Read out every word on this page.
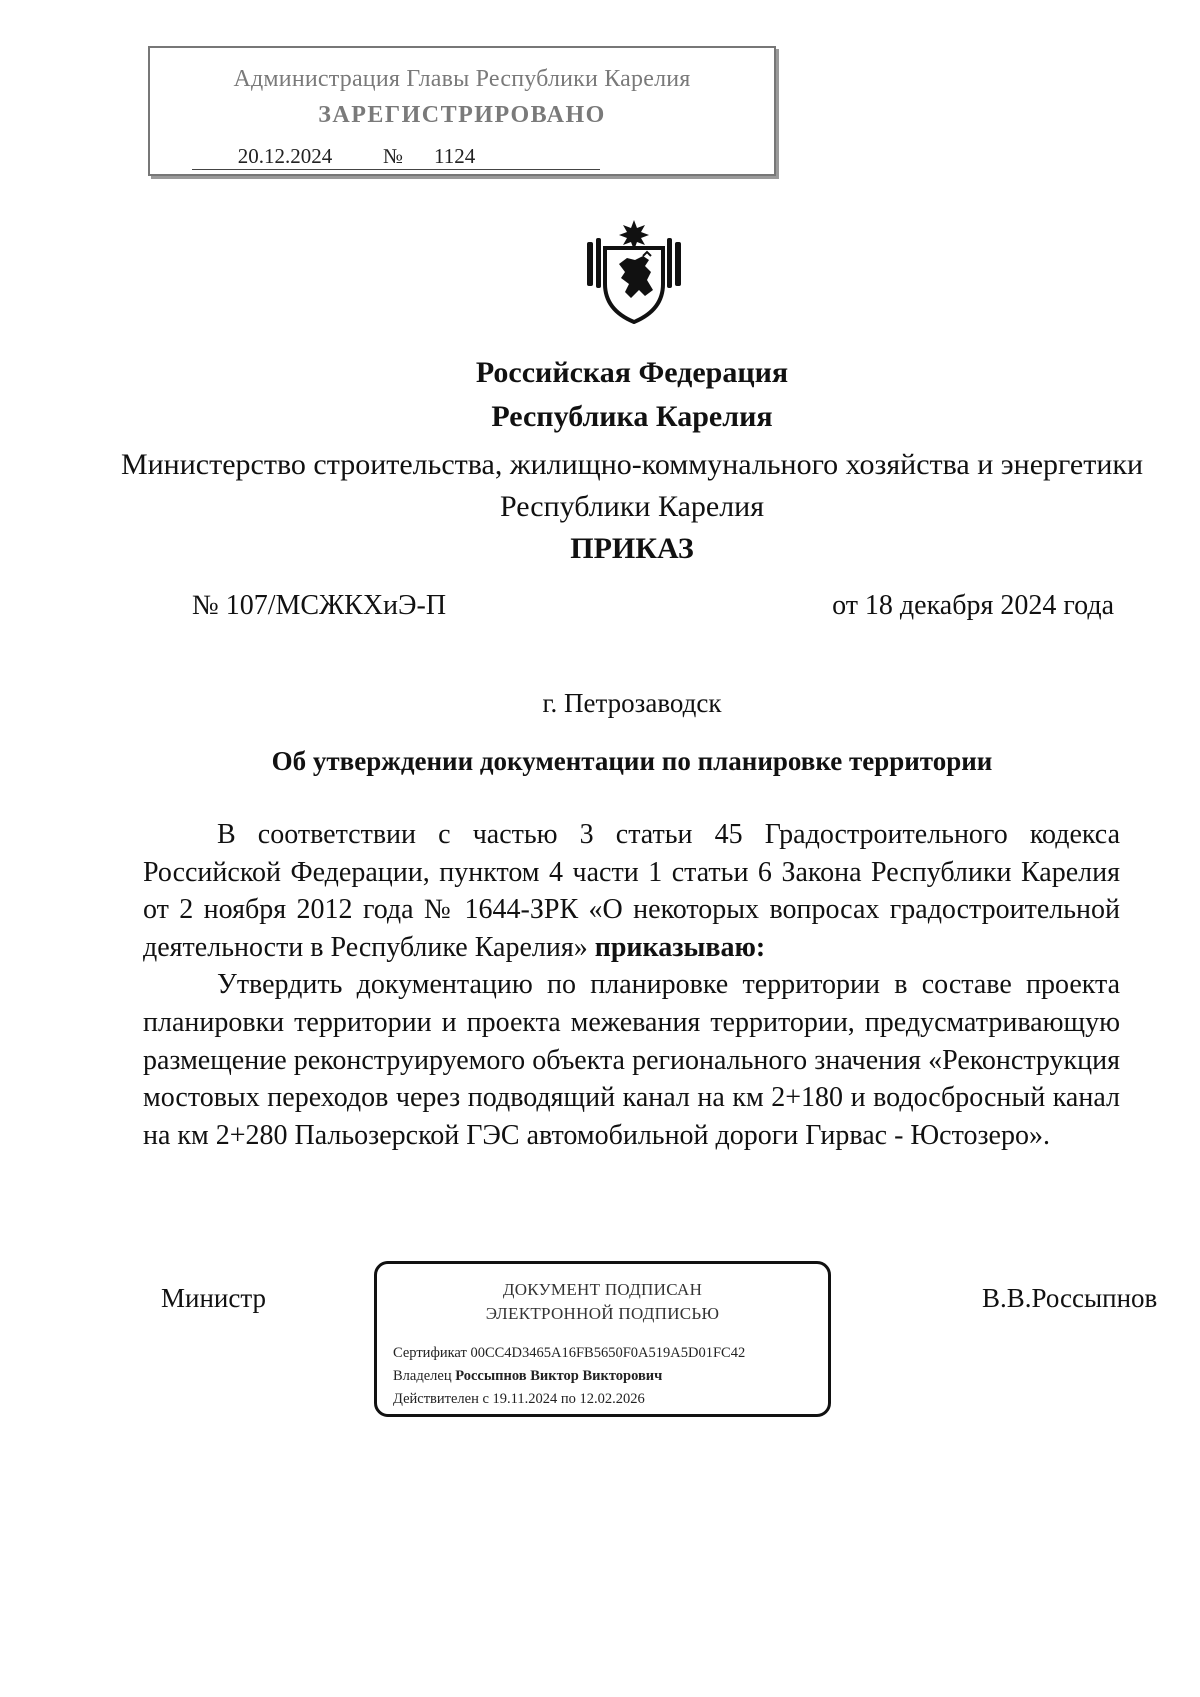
Администрация Главы Республики Карелия
ЗАРЕГИСТРИРОВАНО
20.12.2024	№	1124
Российская Федерация
Республика Карелия
Министерство строительства, жилищно-коммунального хозяйства и энергетики Республики Карелия
ПРИКАЗ
№ 107/МСЖКХиЭ-П	от 18 декабря 2024 года
г. Петрозаводск
Об утверждении документации по планировке территории

В соответствии с частью 3 статьи 45 Градостроительного кодекса Российской Федерации, пунктом 4 части 1 статьи 6 Закона Республики Карелия от 2 ноября 2012 года № 1644-ЗРК «О некоторых вопросах градостроительной деятельности в Республике Карелия» приказываю:

Утвердить документацию по планировке территории в составе проекта планировки территории и проекта межевания территории, предусматривающую размещение реконструируемого объекта регионального значения «Реконструкция мостовых переходов через подводящий канал на км 2+180 и водосбросный канал на км 2+280 Пальозерской ГЭС автомобильной дороги Гирвас - Юстозеро».

Министр	В.В.Россыпнов
ДОКУМЕНТ ПОДПИСАН
ЭЛЕКТРОННОЙ ПОДПИСЬЮ
Сертификат 00CC4D3465A16FB5650F0A519A5D01FC42
Владелец Россыпнов Виктор Викторович
Действителен с 19.11.2024 по 12.02.2026
